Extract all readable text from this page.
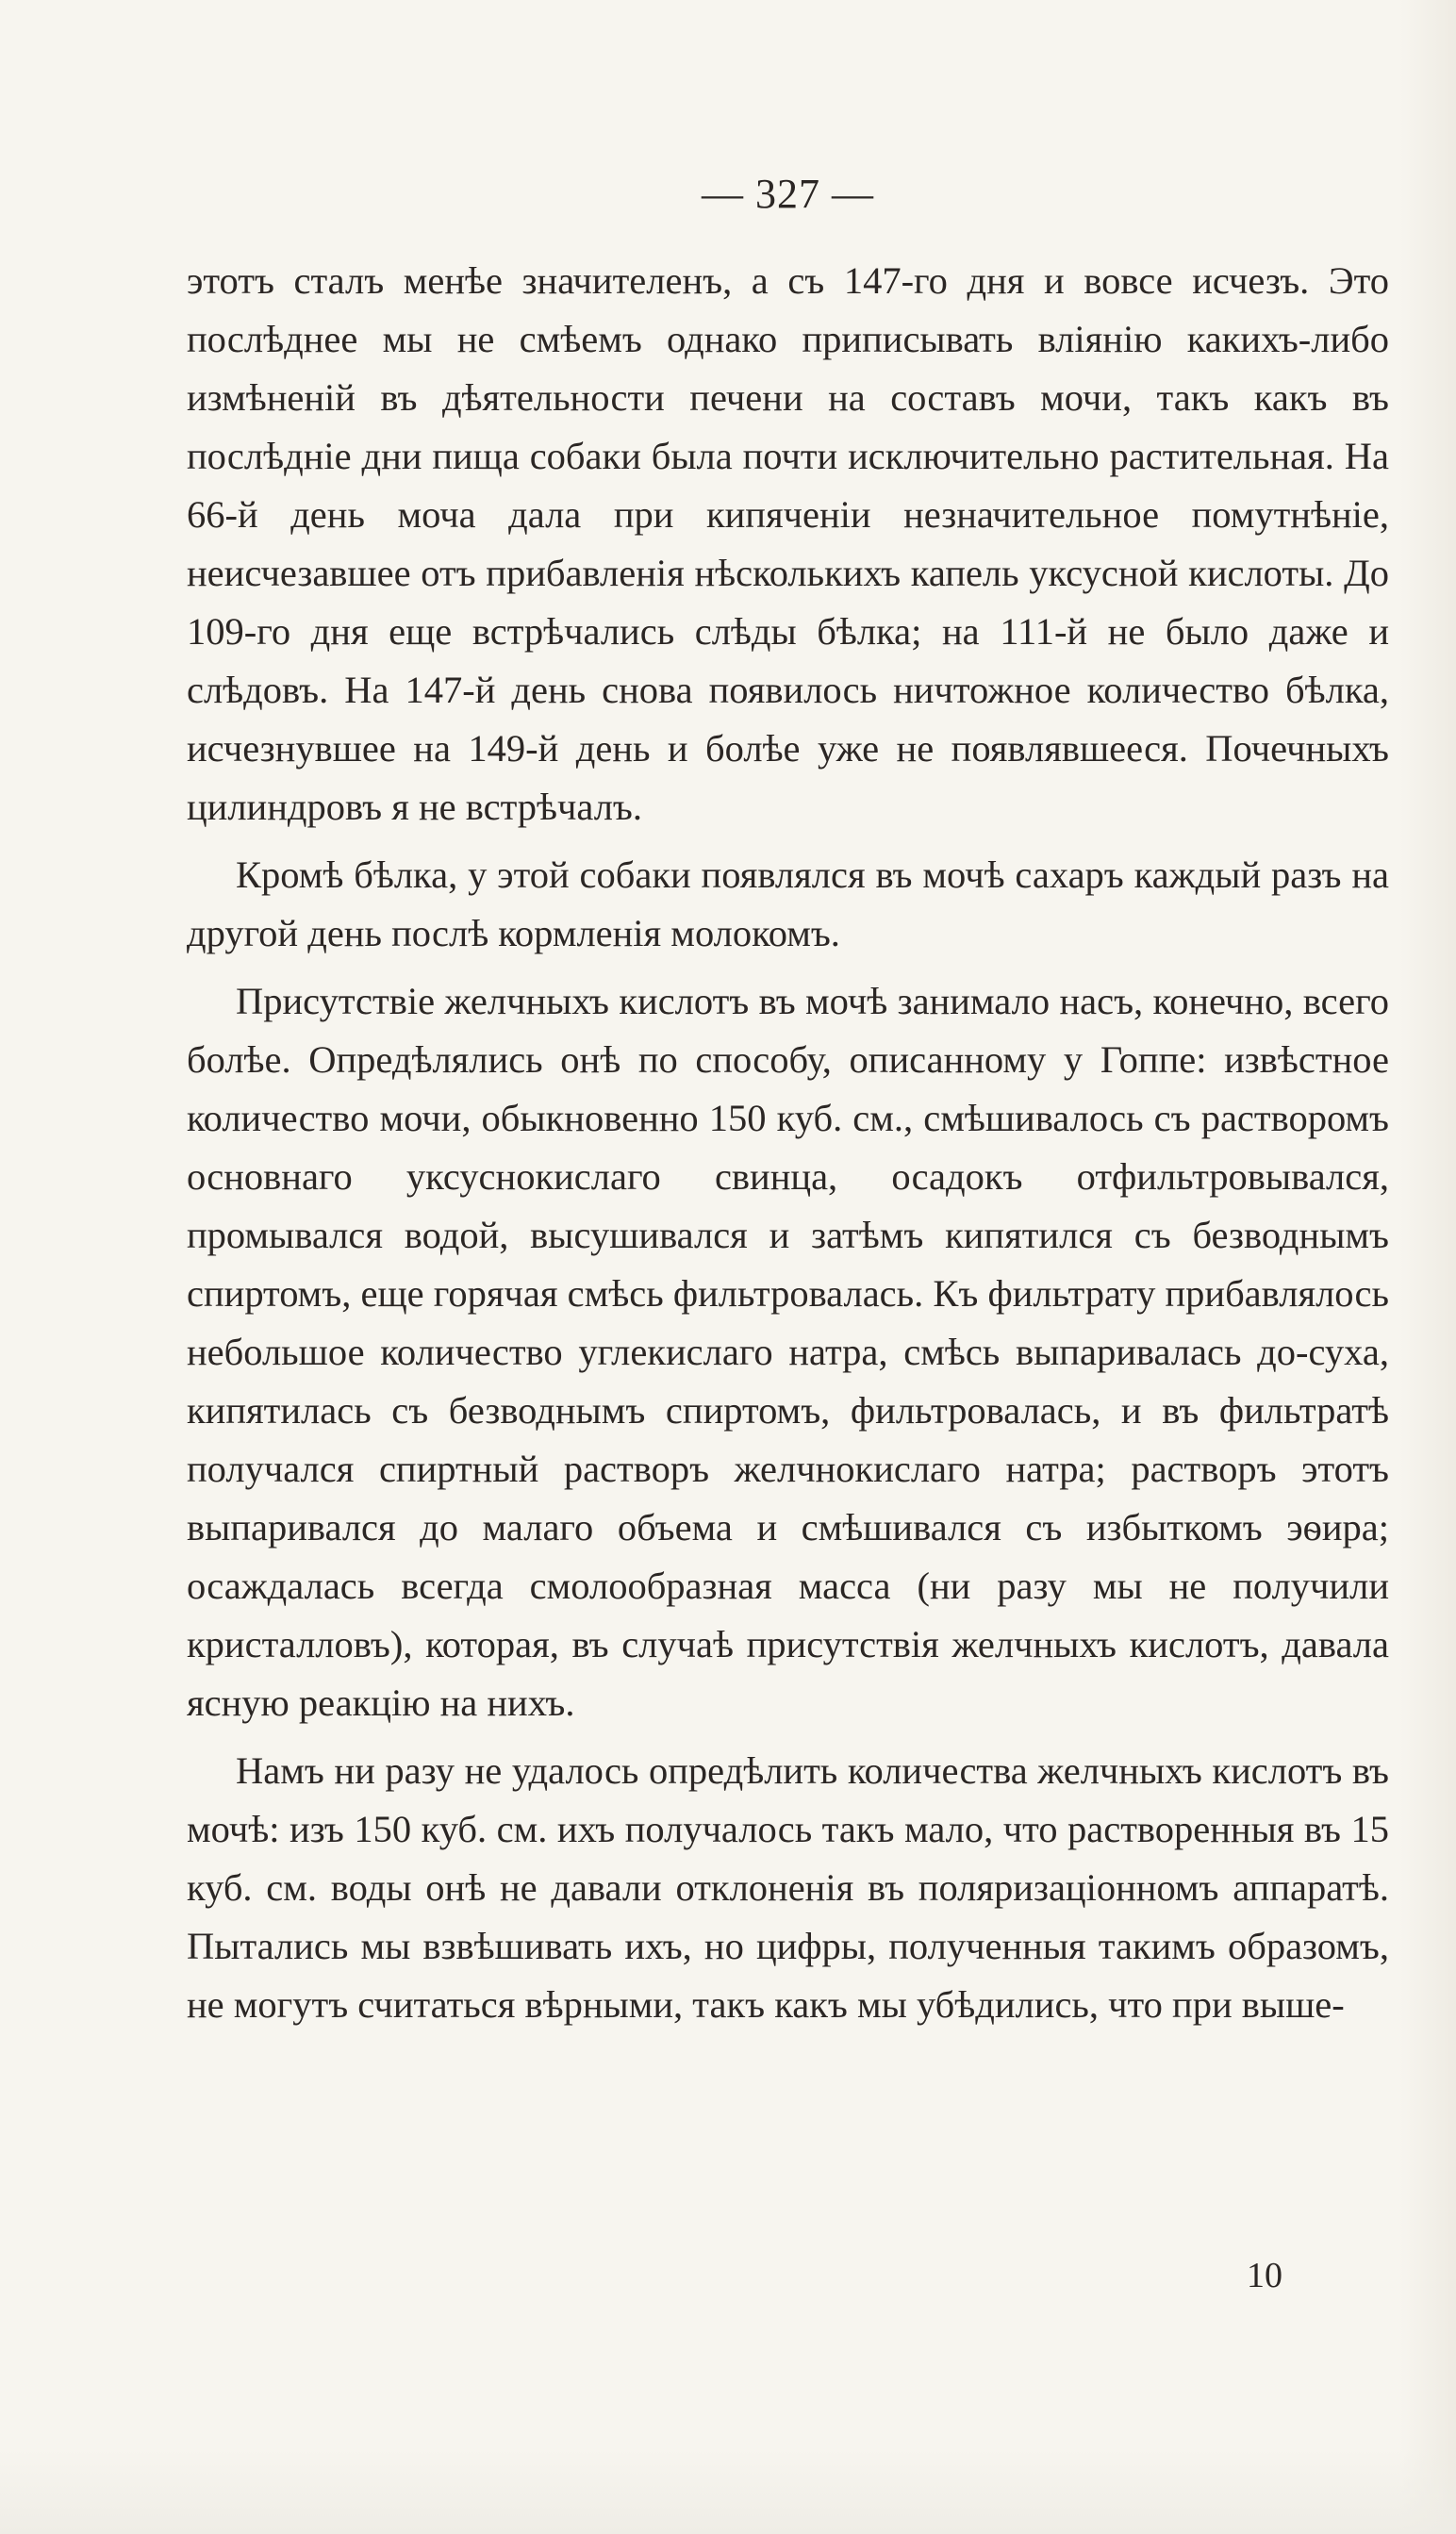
— 327 —

этотъ сталъ менѣе значителенъ, а съ 147-го дня и вовсе исчезъ. Это послѣднее мы не смѣемъ однако приписывать вліянію какихъ-либо измѣненій въ дѣятельности печени на составъ мочи, такъ какъ въ послѣдніе дни пища собаки была почти исключительно растительная. На 66-й день моча дала при кипяченіи незначительное помутнѣніе, неисчезавшее отъ прибавленія нѣсколькихъ капель уксусной кислоты. До 109-го дня еще встрѣчались слѣды бѣлка; на 111-й не было даже и слѣдовъ. На 147-й день снова появилось ничтожное количество бѣлка, исчезнувшее на 149-й день и болѣе уже не появлявшееся. Почечныхъ цилиндровъ я не встрѣчалъ.

Кромѣ бѣлка, у этой собаки появлялся въ мочѣ сахаръ каждый разъ на другой день послѣ кормленія молокомъ.

Присутствіе желчныхъ кислотъ въ мочѣ занимало насъ, конечно, всего болѣе. Опредѣлялись онѣ по способу, описанному у Гоппе: извѣстное количество мочи, обыкновенно 150 куб. см., смѣшивалось съ растворомъ основнаго уксуснокислаго свинца, осадокъ отфильтровывался, промывался водой, высушивался и затѣмъ кипятился съ безводнымъ спиртомъ, еще горячая смѣсь фильтровалась. Къ фильтрату прибавлялось небольшое количество углекислаго натра, смѣсь выпаривалась до-суха, кипятилась съ безводнымъ спиртомъ, фильтровалась, и въ фильтратѣ получался спиртный растворъ желчнокислаго натра; растворъ этотъ выпаривался до малаго объема и смѣшивался съ избыткомъ эѳира; осаждалась всегда смолообразная масса (ни разу мы не получили кристалловъ), которая, въ случаѣ присутствія желчныхъ кислотъ, давала ясную реакцію на нихъ.

Намъ ни разу не удалось опредѣлить количества желчныхъ кислотъ въ мочѣ: изъ 150 куб. см. ихъ получалось такъ мало, что растворенныя въ 15 куб. см. воды онѣ не давали отклоненія въ поляризаціонномъ аппаратѣ. Пытались мы взвѣшивать ихъ, но цифры, полученныя такимъ образомъ, не могутъ считаться вѣрными, такъ какъ мы убѣдились, что при выше-

10
